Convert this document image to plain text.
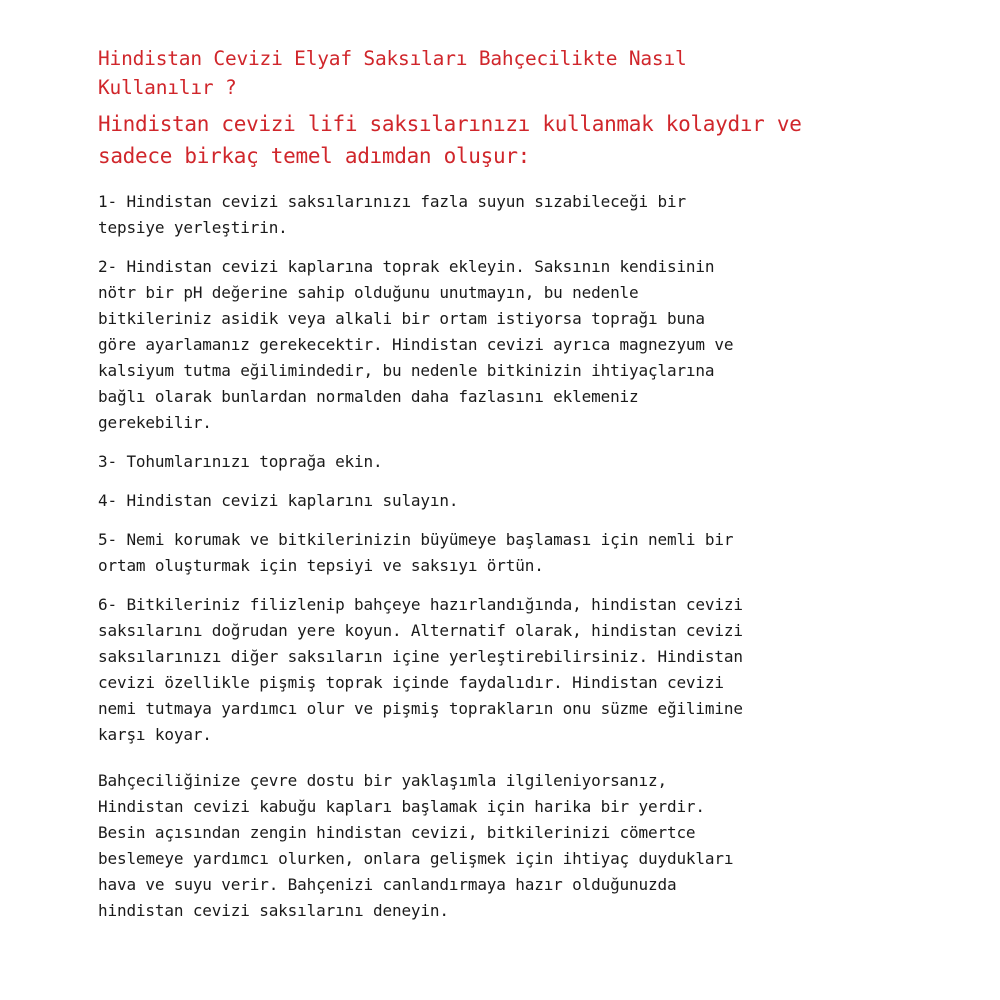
Hindistan Cevizi Elyaf Saksıları Bahçecilikte Nasıl
Kullanılır ?
Hindistan cevizi lifi saksılarınızı kullanmak kolaydır ve
sadece birkaç temel adımdan oluşur:

1- Hindistan cevizi saksılarınızı fazla suyun sızabileceği bir
tepsiye yerleştirin.

2- Hindistan cevizi kaplarına toprak ekleyin. Saksının kendisinin
nötr bir pH değerine sahip olduğunu unutmayın, bu nedenle
bitkileriniz asidik veya alkali bir ortam istiyorsa toprağı buna
göre ayarlamanız gerekecektir. Hindistan cevizi ayrıca magnezyum ve
kalsiyum tutma eğilimindedir, bu nedenle bitkinizin ihtiyaçlarına
bağlı olarak bunlardan normalden daha fazlasını eklemeniz
gerekebilir.

3- Tohumlarınızı toprağa ekin.

4- Hindistan cevizi kaplarını sulayın.

5- Nemi korumak ve bitkilerinizin büyümeye başlaması için nemli bir
ortam oluşturmak için tepsiyi ve saksıyı örtün.

6- Bitkileriniz filizlenip bahçeye hazırlandığında, hindistan cevizi
saksılarını doğrudan yere koyun. Alternatif olarak, hindistan cevizi
saksılarınızı diğer saksıların içine yerleştirebilirsiniz. Hindistan
cevizi özellikle pişmiş toprak içinde faydalıdır. Hindistan cevizi
nemi tutmaya yardımcı olur ve pişmiş toprakların onu süzme eğilimine
karşı koyar.

Bahçeciliğinize çevre dostu bir yaklaşımla ilgileniyorsanız,
Hindistan cevizi kabuğu kapları başlamak için harika bir yerdir.
Besin açısından zengin hindistan cevizi, bitkilerinizi cömertce
beslemeye yardımcı olurken, onlara gelişmek için ihtiyaç duydukları
hava ve suyu verir. Bahçenizi canlandırmaya hazır olduğunuzda
hindistan cevizi saksılarını deneyin.
